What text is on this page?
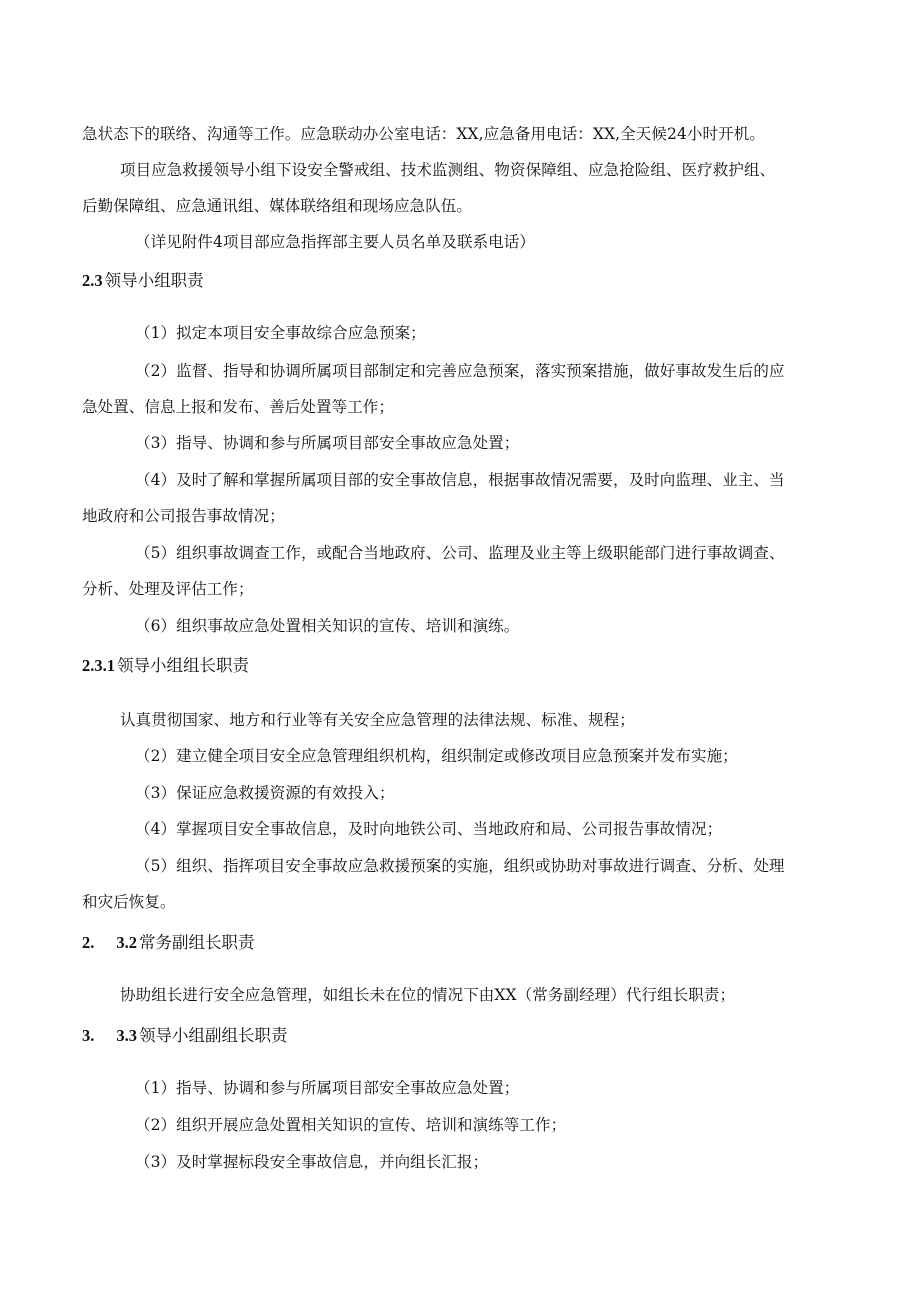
急状态下的联络、沟通等工作。应急联动办公室电话：XX,应急备用电话：XX,全天候24小时开机。
项目应急救援领导小组下设安全警戒组、技术监测组、物资保障组、应急抢险组、医疗救护组、
后勤保障组、应急通讯组、媒体联络组和现场应急队伍。
（详见附件4项目部应急指挥部主要人员名单及联系电话）
2.3 领导小组职责
（1）拟定本项目安全事故综合应急预案；
（2）监督、指导和协调所属项目部制定和完善应急预案，落实预案措施，做好事故发生后的应
急处置、信息上报和发布、善后处置等工作；
（3）指导、协调和参与所属项目部安全事故应急处置；
（4）及时了解和掌握所属项目部的安全事故信息，根据事故情况需要，及时向监理、业主、当
地政府和公司报告事故情况；
（5）组织事故调查工作，或配合当地政府、公司、监理及业主等上级职能部门进行事故调查、
分析、处理及评估工作；
（6）组织事故应急处置相关知识的宣传、培训和演练。
2.3.1 领导小组组长职责
认真贯彻国家、地方和行业等有关安全应急管理的法律法规、标准、规程；
（2）建立健全项目安全应急管理组织机构，组织制定或修改项目应急预案并发布实施；
（3）保证应急救援资源的有效投入；
（4）掌握项目安全事故信息，及时向地铁公司、当地政府和局、公司报告事故情况；
（5）组织、指挥项目安全事故应急救援预案的实施，组织或协助对事故进行调查、分析、处理
和灾后恢复。
2. 3.2 常务副组长职责
协助组长进行安全应急管理，如组长未在位的情况下由XX（常务副经理）代行组长职责；
3. 3.3 领导小组副组长职责
（1）指导、协调和参与所属项目部安全事故应急处置；
（2）组织开展应急处置相关知识的宣传、培训和演练等工作；
（3）及时掌握标段安全事故信息，并向组长汇报；
